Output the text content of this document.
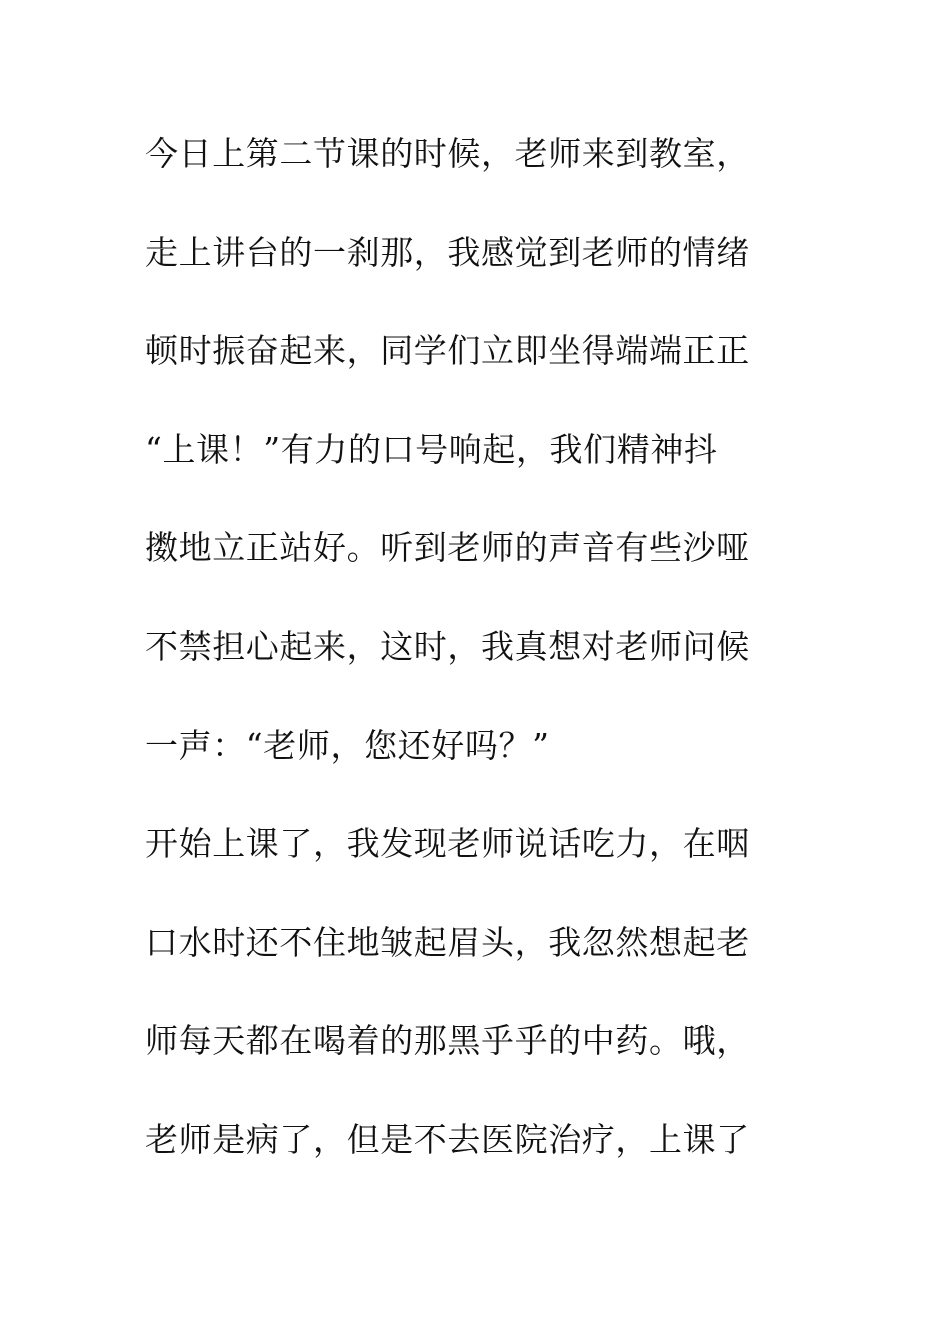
今日上第二节课的时候，老师来到教室，
走上讲台的一刹那，我感觉到老师的情绪
顿时振奋起来，同学们立即坐得端端正正
“上课！”有力的口号响起，我们精神抖
擞地立正站好。听到老师的声音有些沙哑
不禁担心起来，这时，我真想对老师问候
一声：“老师，您还好吗？”
开始上课了，我发现老师说话吃力，在咽
口水时还不住地皱起眉头，我忽然想起老
师每天都在喝着的那黑乎乎的中药。哦，
老师是病了，但是不去医院治疗，上课了
